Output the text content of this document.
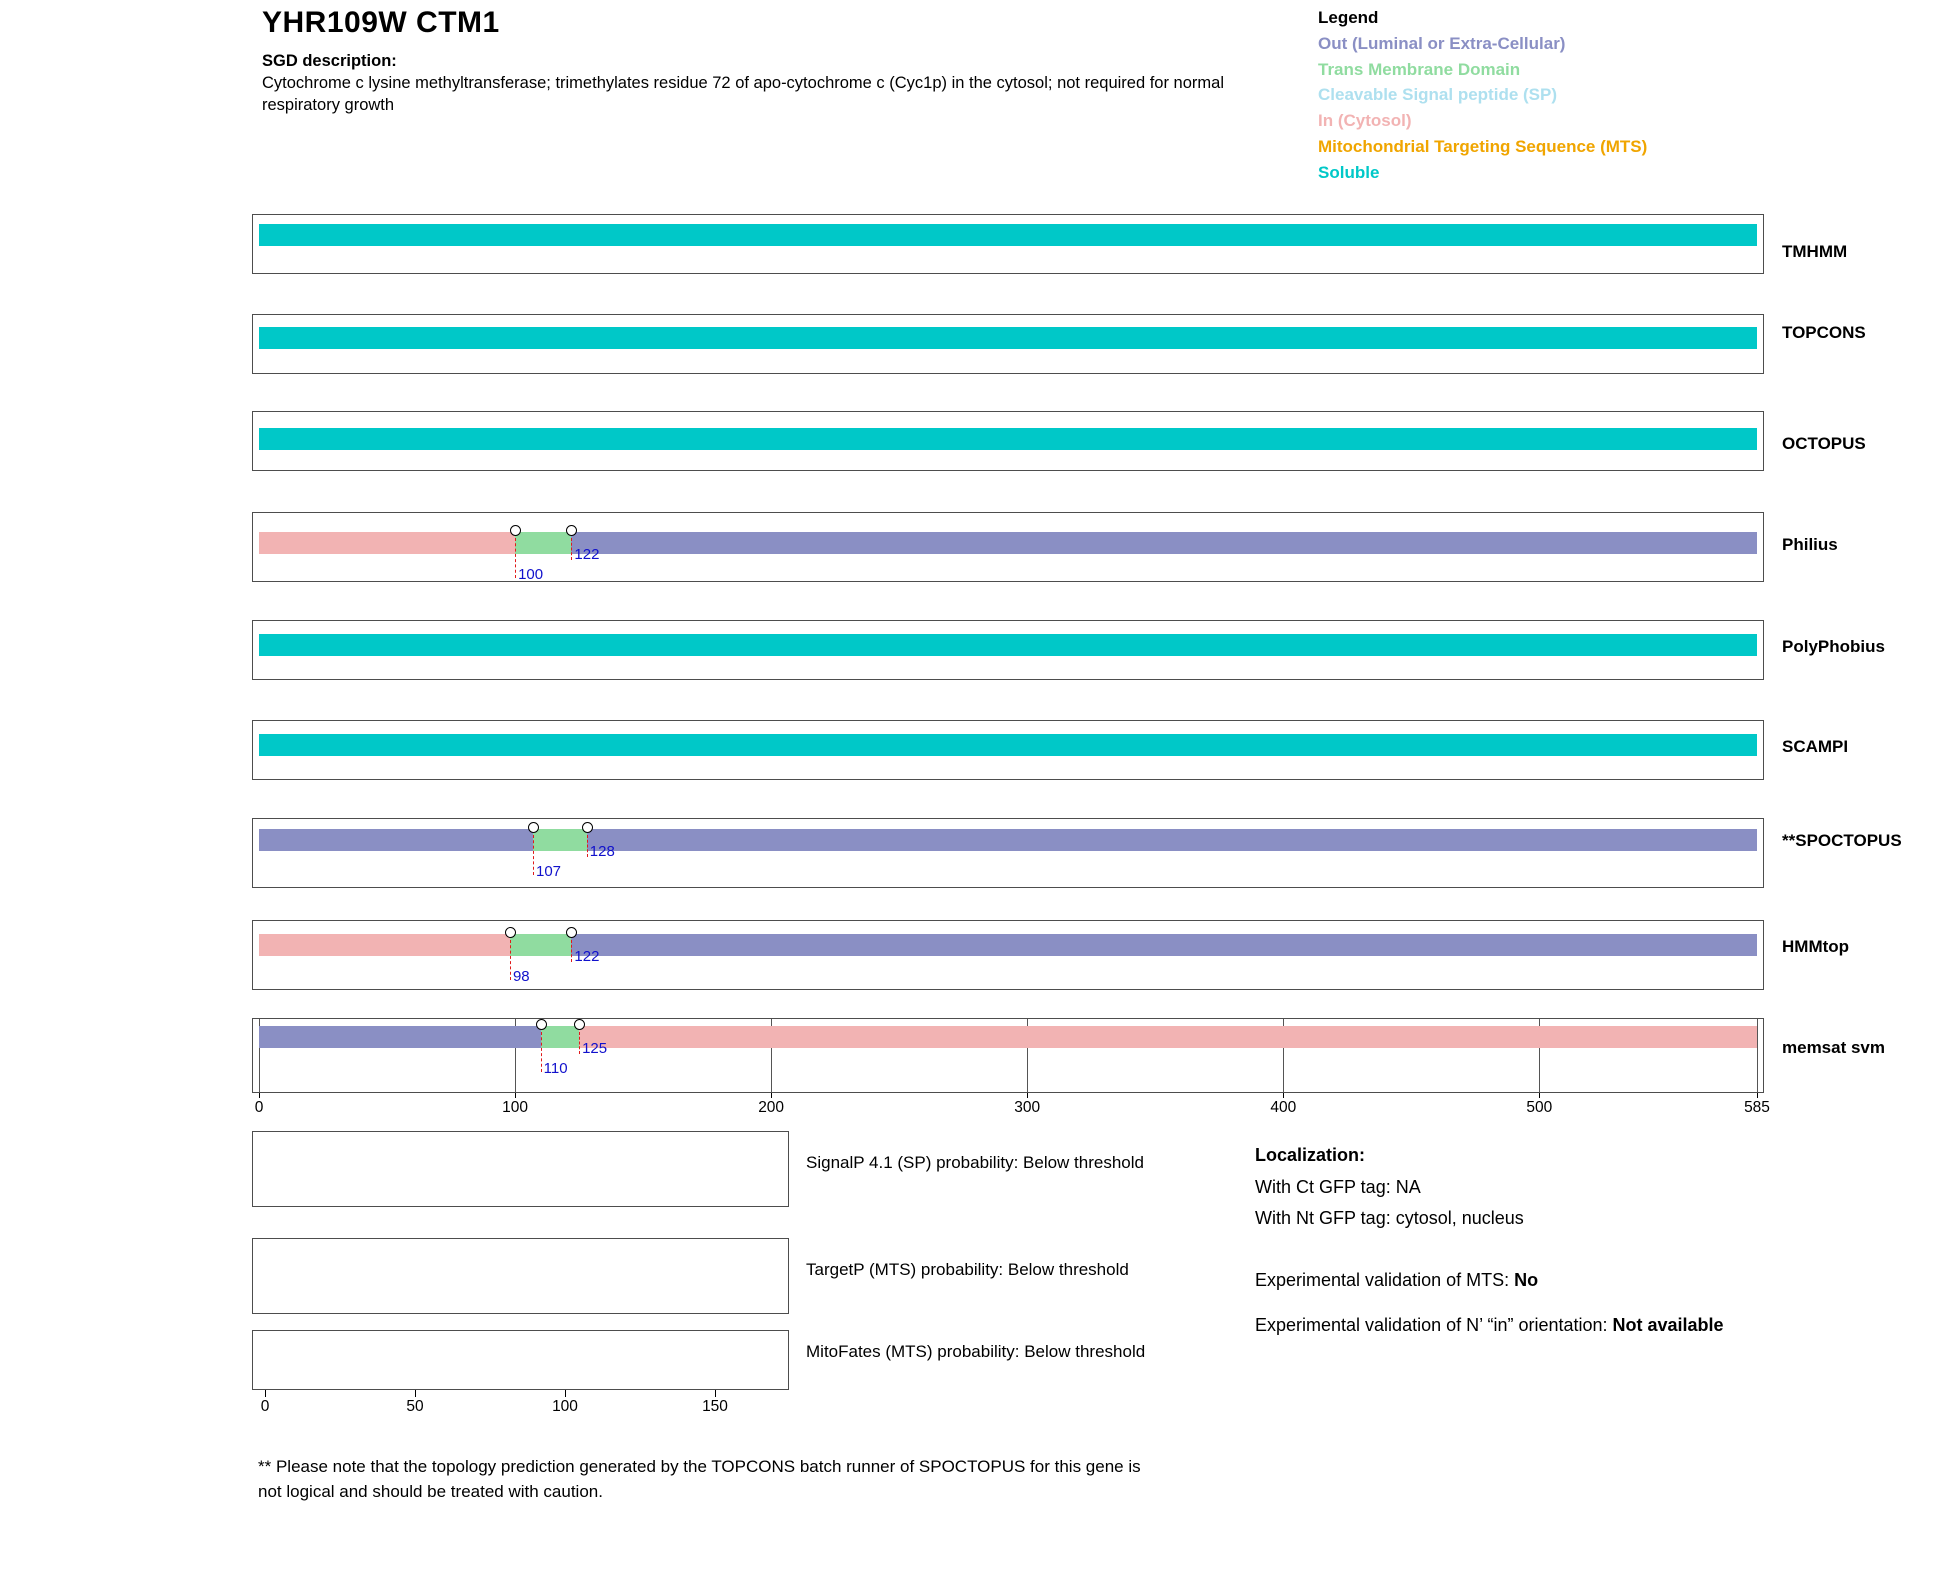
YHR109W CTM1
SGD description:
Cytochrome c lysine methyltransferase; trimethylates residue 72 of apo-cytochrome c (Cyc1p) in the cytosol; not required for normal respiratory growth
Legend
Out (Luminal or Extra-Cellular)
Trans Membrane Domain
Cleavable Signal peptide (SP)
In (Cytosol)
Mitochondrial Targeting Sequence (MTS)
Soluble
0	100	200	300	400	500	585
SignalP 4.1 (SP) probability: Below threshold
TargetP (MTS) probability: Below threshold
MitoFates (MTS) probability: Below threshold
0	50	100	150
Localization:
With Ct GFP tag: NA
With Nt GFP tag: cytosol, nucleus
Experimental validation of MTS: No
Experimental validation of N’ “in” orientation: Not available
** Please note that the topology prediction generated by the TOPCONS batch runner of SPOCTOPUS for this gene is not logical and should be treated with caution.
TMHMM
TOPCONS
OCTOPUS
100
122
Philius
PolyPhobius
SCAMPI
107
128
**SPOCTOPUS
98
122
HMMtop
110
125	memsat svm
